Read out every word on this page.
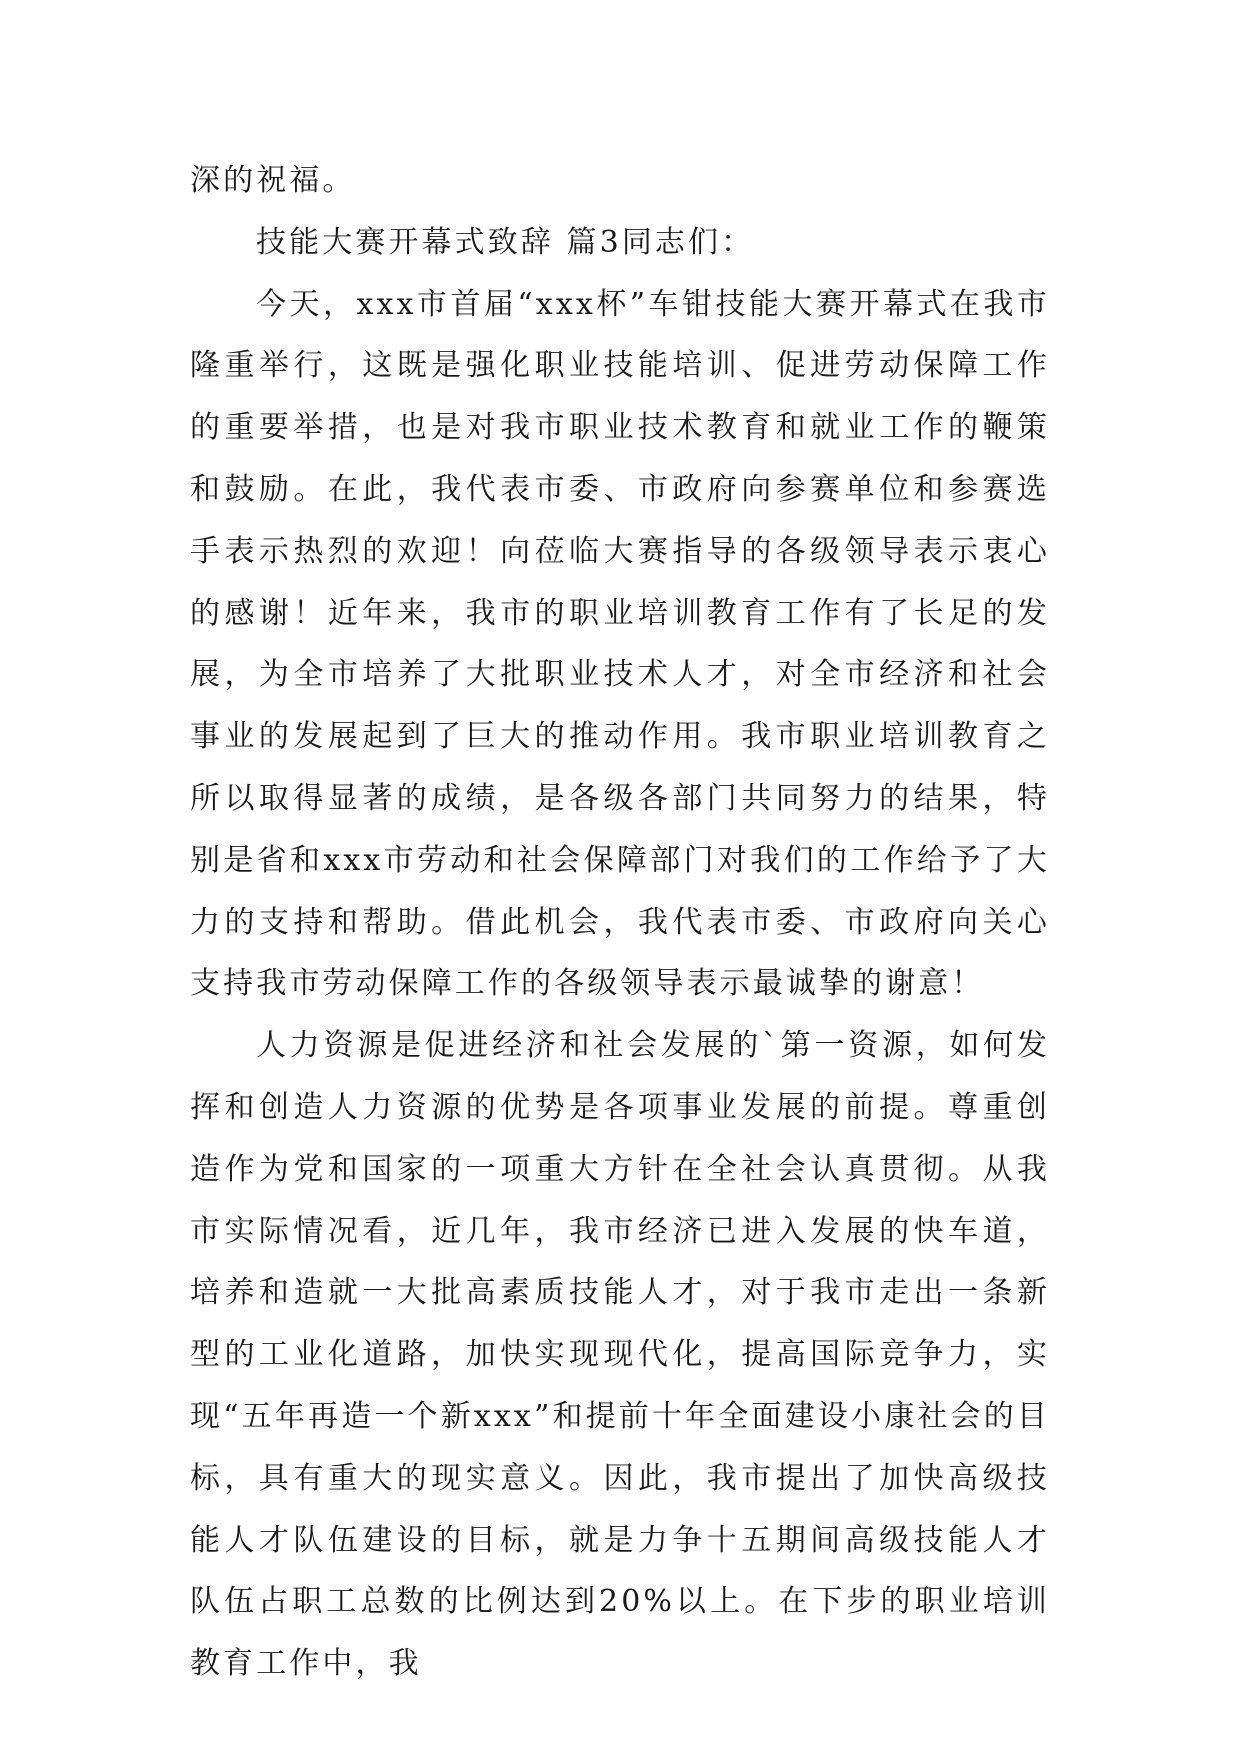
深的祝福。

技能大赛开幕式致辞 篇3同志们：

今天，xxx市首届“xxx杯”车钳技能大赛开幕式在我市隆重举行，这既是强化职业技能培训、促进劳动保障工作的重要举措，也是对我市职业技术教育和就业工作的鞭策和鼓励。在此，我代表市委、市政府向参赛单位和参赛选手表示热烈的欢迎！向莅临大赛指导的各级领导表示衷心的感谢！近年来，我市的职业培训教育工作有了长足的发展，为全市培养了大批职业技术人才，对全市经济和社会事业的发展起到了巨大的推动作用。我市职业培训教育之所以取得显著的成绩，是各级各部门共同努力的结果，特别是省和xxx市劳动和社会保障部门对我们的工作给予了大力的支持和帮助。借此机会，我代表市委、市政府向关心支持我市劳动保障工作的各级领导表示最诚挚的谢意！

人力资源是促进经济和社会发展的`第一资源，如何发挥和创造人力资源的优势是各项事业发展的前提。尊重创造作为党和国家的一项重大方针在全社会认真贯彻。从我市实际情况看，近几年，我市经济已进入发展的快车道，培养和造就一大批高素质技能人才，对于我市走出一条新型的工业化道路，加快实现现代化，提高国际竞争力，实现“五年再造一个新xxx”和提前十年全面建设小康社会的目标，具有重大的现实意义。因此，我市提出了加快高级技能人才队伍建设的目标，就是力争十五期间高级技能人才队伍占职工总数的比例达到20%以上。在下步的职业培训教育工作中，我
